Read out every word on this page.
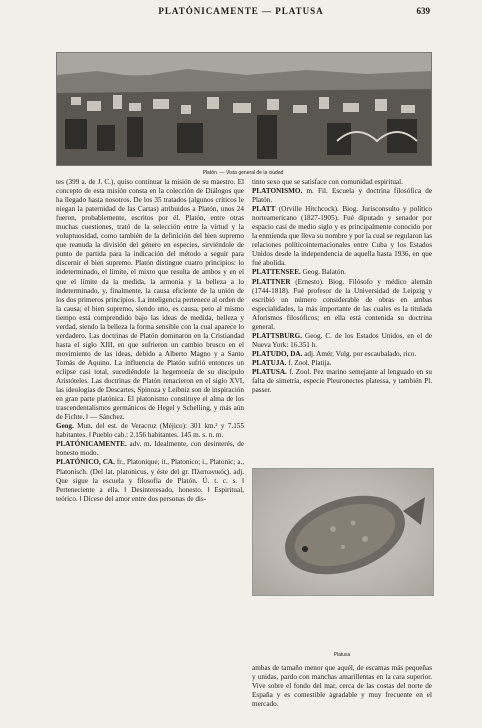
PLATÓNICAMENTE — PLATUSA	639
Platón. — Vista general de la ciudad

tes (399 a. de J. C.), quiso continuar la misión de su maestro. El concepto de esta misión consta en la colección de Diálogos que ha llegado hasta nosotros. De los 35 tratados (algunos críticos le niegan la paternidad de las Cartas) atribuidos a Platón, unos 24 fueron, probablemente, escritos por él. Platón, entre otras muchas cuestiones, trató de la selección entre la virtud y la voluptuosidad, como también de la definición del bien supremo que reanuda la división del género en especies, sirviéndole de punto de partida para la indicación del método a seguir para discernir el bien supremo. Platón distingue cuatro principios: lo indeterminado, el límite, el mixto que resulta de ambos y en el que el límite da la medida, la armonía y la belleza a lo indeterminado, y, finalmente, la causa eficiente de la unión de los dos primeros principios. La inteligencia pertenece al orden de la causa; el bien supremo, siendo uno, es causa, pero al mismo tiempo está comprendido bajo las ideas de medida, belleza y verdad, siendo la belleza la forma sensible con la cual aparece lo verdadero. Las doctrinas de Platón dominaron en la Cristiandad hasta el siglo XIII, en que sufrieron un cambio brusco en el movimiento de las ideas, debido a Alberto Magno y a Santo Tomás de Aquino. La influencia de Platón sufrió entonces un eclipse casi total, sucediéndole la hegemonía de su discípulo Aristóteles. Las doctrinas de Platón renacieron en el siglo XVI, las ideologías de Descartes, Spinoza y Leibniz son de inspiración en gran parte platónica. El platonismo constituye el alma de los trascendentalismos germánicos de Hegel y Schelling, y más aún de Fichte. ‖ — Sánchez.

Geog. Mun. del est. de Veracruz (Méjico): 301 km.² y 7.155 habitantes. ‖ Pueblo cab.: 2.156 habitantes. 145 m. s. n. m.

PLATÓNICAMENTE. adv. m. Idealmente, con desinterés, de honesto modo.

PLATÓNICO, CA. fr., Platonique; it., Platonico; i., Platonic; a., Platonisch. (Del lat. platonicus, y éste del gr. Πλατωνικός). adj. Que sigue la escuela y filosofía de Platón. Ú. t. c. s. ‖ Perteneciente a ella. ‖ Desinteresado, honesto. ‖ Espiritual, teórico. ‖ Dícese del amor entre dos personas de dis-

tinto sexo que se satisface con comunidad espiritual.

PLATONISMO. m. Fil. Escuela y doctrina filosófica de Platón.

PLATT (Orville Hitchcock). Biog. Jurisconsulto y político norteamericano (1827-1905). Fué diputado y senador por espacio casi de medio siglo y es principalmente conocido por la enmienda que lleva su nombre y por la cual se regularon las relaciones políticointernacionales entre Cuba y los Estados Unidos desde la independencia de aquella hasta 1936, en que fué abolida.

PLATTENSEE. Geog. Balatón.

PLATTNER (Ernesto). Biog. Filósofo y médico alemán (1744-1818). Fué profesor de la Universidad de Leipzig y escribió un número considerable de obras en ambas especialidades, la más importante de las cuales es la titulada Aforismos filosóficos; en ella está contenida su doctrina general.

PLATTSBURG. Geog. C. de los Estados Unidos, en el de Nueva York: 16.351 h.

PLATUDO, DA. adj. Amér. Vulg. por escaubalado, rico.

PLATUJA. f. Zool. Platija.

PLATUSA. f. Zool. Pez marino semejante al lenguado en su falta de simetría, especie Pleuronectes platessa, y también Pl. passer.

Platusa

ambas de tamaño menor que aquél, de escamas más pequeñas y unidas, pardo con manchas amarillentas en la cara superior. Vive sobre el fondo del mar, cerca de las costas del norte de España y es comestible agradable y muy frecuente en el mercado.
